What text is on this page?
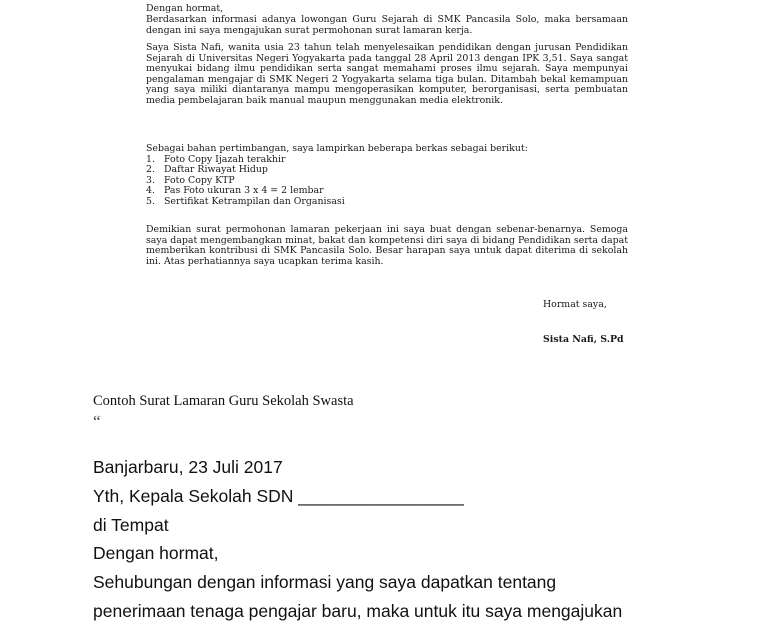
Dengan hormat,

Berdasarkan informasi adanya lowongan Guru Sejarah di SMK Pancasila Solo, maka bersamaan dengan ini saya mengajukan surat permohonan surat lamaran kerja.

Saya Sista Nafi, wanita usia 23 tahun telah menyelesaikan pendidikan dengan jurusan Pendidikan Sejarah di Universitas Negeri Yogyakarta pada tanggal 28 April 2013 dengan IPK 3,51. Saya sangat menyukai bidang ilmu pendidikan serta sangat memahami proses ilmu sejarah. Saya mempunyai pengalaman mengajar di SMK Negeri 2 Yogyakarta selama tiga bulan. Ditambah bekal kemampuan yang saya miliki diantaranya mampu mengoperasikan komputer, berorganisasi, serta pembuatan media pembelajaran baik manual maupun menggunakan media elektronik.

Sebagai bahan pertimbangan, saya lampirkan beberapa berkas sebagai berikut:

1. Foto Copy Ijazah terakhir
2. Daftar Riwayat Hidup
3. Foto Copy KTP
4. Pas Foto ukuran 3 x 4 = 2 lembar
5. Sertifikat Ketrampilan dan Organisasi

Demikian surat permohonan lamaran pekerjaan ini saya buat dengan sebenar-benarnya. Semoga saya dapat mengembangkan minat, bakat dan kompetensi diri saya di bidang Pendidikan serta dapat memberikan kontribusi di SMK Pancasila Solo. Besar harapan saya untuk dapat diterima di sekolah ini. Atas perhatiannya saya ucapkan terima kasih.

Hormat saya,
Sista Nafi, S.Pd
Contoh Surat Lamaran Guru Sekolah Swasta
“
Banjarbaru, 23 Juli 2017
Yth, Kepala Sekolah SDN _________________
di Tempat
Dengan hormat,
Sehubungan dengan informasi yang saya dapatkan tentang
penerimaan tenaga pengajar baru, maka untuk itu saya mengajukan
